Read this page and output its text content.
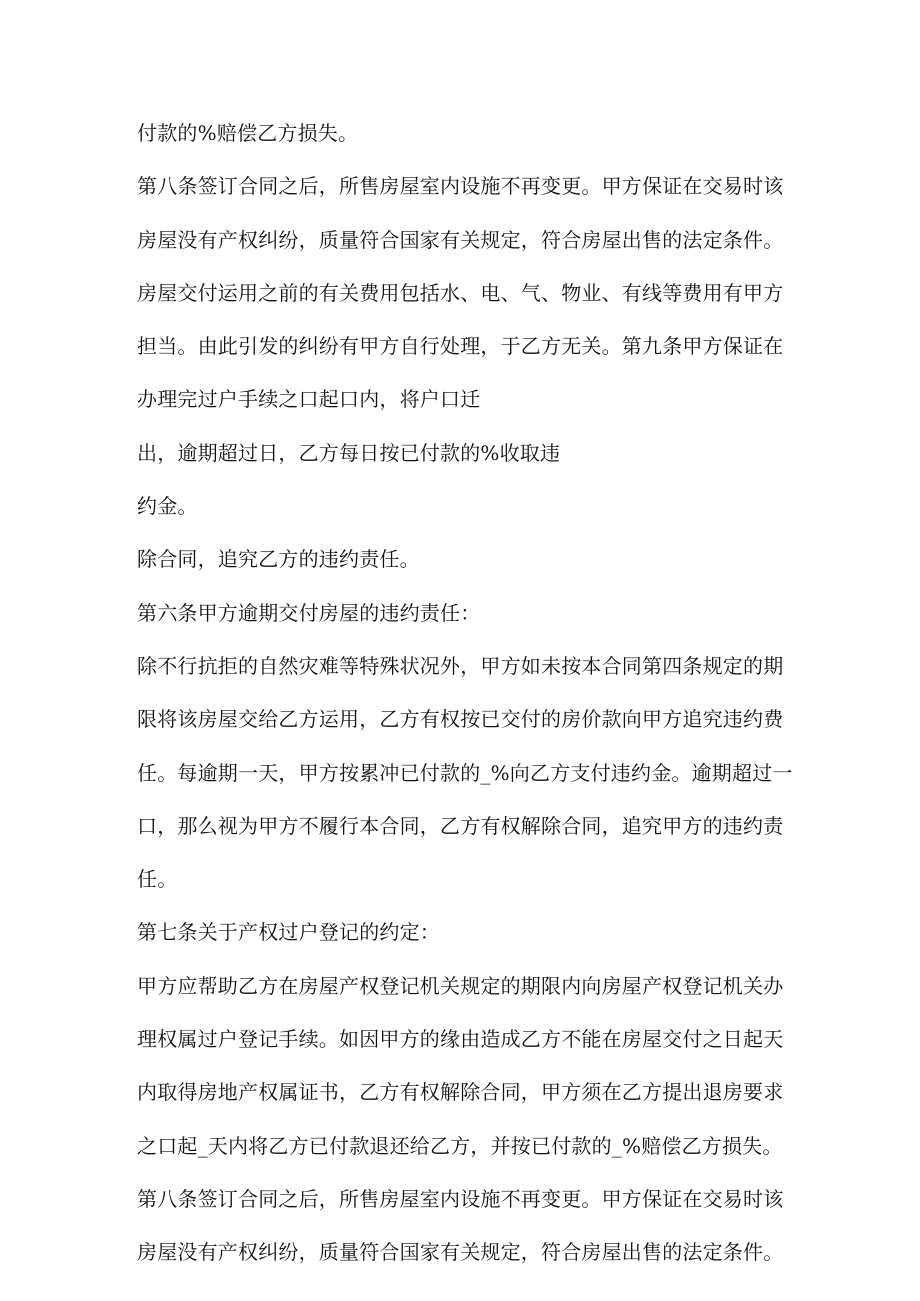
付款的%赔偿乙方损失。
第八条签订合同之后，所售房屋室内设施不再变更。甲方保证在交易时该
房屋没有产权纠纷，质量符合国家有关规定，符合房屋出售的法定条件。
房屋交付运用之前的有关费用包括水、电、气、物业、有线等费用有甲方
担当。由此引发的纠纷有甲方自行处理，于乙方无关。第九条甲方保证在
办理完过户手续之口起口内，将户口迁
出，逾期超过日，乙方每日按已付款的%收取违
约金。
除合同，追究乙方的违约责任。
第六条甲方逾期交付房屋的违约责任：
除不行抗拒的自然灾难等特殊状况外，甲方如未按本合同第四条规定的期
限将该房屋交给乙方运用，乙方有权按已交付的房价款向甲方追究违约费
任。每逾期一天，甲方按累冲已付款的_%向乙方支付违约金。逾期超过一
口，那么视为甲方不履行本合同，乙方有权解除合同，追究甲方的违约责
任。
第七条关于产权过户登记的约定：
甲方应帮助乙方在房屋产权登记机关规定的期限内向房屋产权登记机关办
理权属过户登记手续。如因甲方的缘由造成乙方不能在房屋交付之日起天
内取得房地产权属证书，乙方有权解除合同，甲方须在乙方提出退房要求
之口起_天内将乙方已付款退还给乙方，并按已付款的_%赔偿乙方损失。
第八条签订合同之后，所售房屋室内设施不再变更。甲方保证在交易时该
房屋没有产权纠纷，质量符合国家有关规定，符合房屋出售的法定条件。
